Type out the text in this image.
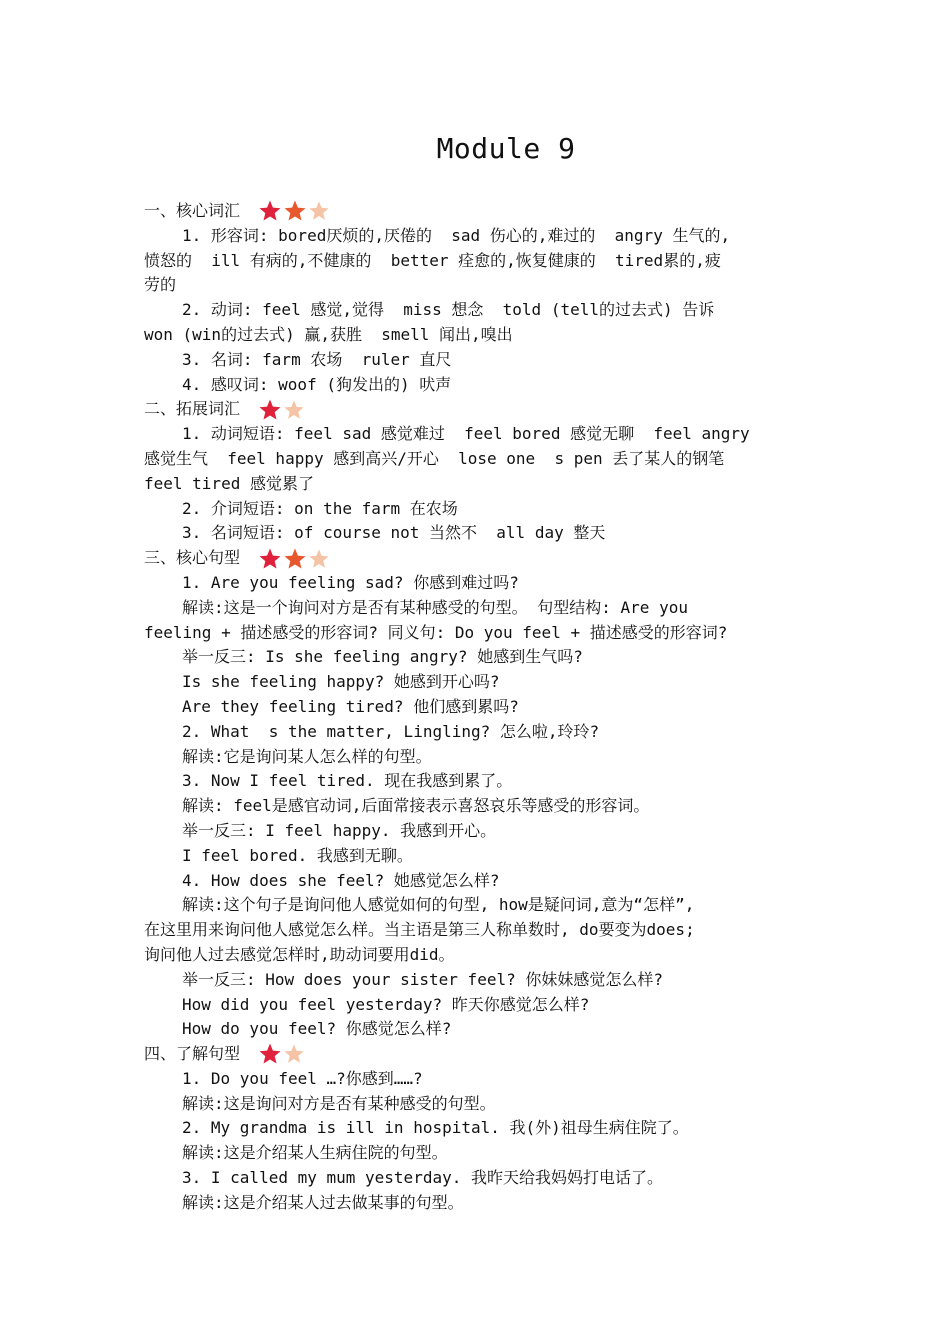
Module 9
一、核心词汇
1. 形容词: bored厌烦的,厌倦的  sad 伤心的,难过的  angry 生气的,
愤怒的  ill 有病的,不健康的  better 痊愈的,恢复健康的  tired累的,疲
劳的
2. 动词: feel 感觉,觉得  miss 想念  told (tell的过去式) 告诉
won (win的过去式) 赢,获胜  smell 闻出,嗅出
3. 名词: farm 农场  ruler 直尺
4. 感叹词: woof (狗发出的) 吠声
二、拓展词汇
1. 动词短语: feel sad 感觉难过  feel bored 感觉无聊  feel angry
感觉生气  feel happy 感到高兴/开心  lose one  s pen 丢了某人的钢笔
feel tired 感觉累了
2. 介词短语: on the farm 在农场
3. 名词短语: of course not 当然不  all day 整天
三、核心句型
1. Are you feeling sad? 你感到难过吗?
解读:这是一个询问对方是否有某种感受的句型。 句型结构: Are you
feeling + 描述感受的形容词? 同义句: Do you feel + 描述感受的形容词?
举一反三: Is she feeling angry? 她感到生气吗?
Is she feeling happy? 她感到开心吗?
Are they feeling tired? 他们感到累吗?
2. What  s the matter, Lingling? 怎么啦,玲玲?
解读:它是询问某人怎么样的句型。
3. Now I feel tired. 现在我感到累了。
解读: feel是感官动词,后面常接表示喜怒哀乐等感受的形容词。
举一反三: I feel happy. 我感到开心。
I feel bored. 我感到无聊。
4. How does she feel? 她感觉怎么样?
解读:这个句子是询问他人感觉如何的句型, how是疑问词,意为“怎样”,
在这里用来询问他人感觉怎么样。当主语是第三人称单数时, do要变为does;
询问他人过去感觉怎样时,助动词要用did。
举一反三: How does your sister feel? 你妹妹感觉怎么样?
How did you feel yesterday? 昨天你感觉怎么样?
How do you feel? 你感觉怎么样?
四、了解句型
1. Do you feel …?你感到……?
解读:这是询问对方是否有某种感受的句型。
2. My grandma is ill in hospital. 我(外)祖母生病住院了。
解读:这是介绍某人生病住院的句型。
3. I called my mum yesterday. 我昨天给我妈妈打电话了。
解读:这是介绍某人过去做某事的句型。
